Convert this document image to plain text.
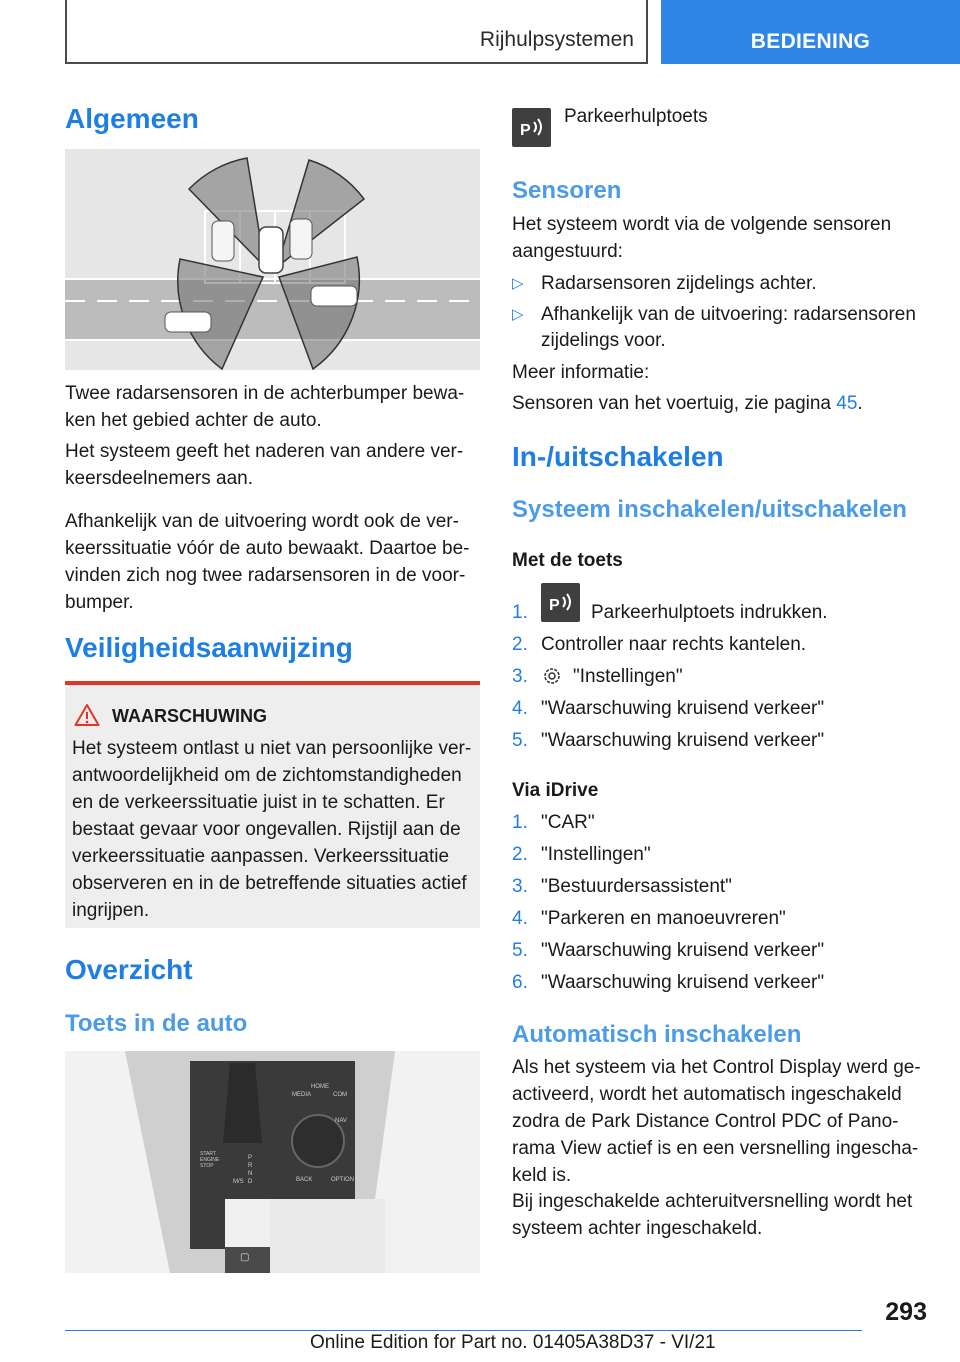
Rijhulpsystemen	BEDIENING
Algemeen
Twee radarsensoren in de achterbumper bewa-ken het gebied achter de auto.
Het systeem geeft het naderen van andere ver-keersdeelnemers aan.
Afhankelijk van de uitvoering wordt ook de ver-keerssituatie vóór de auto bewaakt. Daartoe be-vinden zich nog twee radarsensoren in de voor-bumper.
Veiligheidsaanwijzing
WAARSCHUWING
Het systeem ontlast u niet van persoonlijke ver-antwoordelijkheid om de zichtomstandigheden en de verkeerssituatie juist in te schatten. Er bestaat gevaar voor ongevallen. Rijstijl aan de verkeerssituatie aanpassen. Verkeerssituatie observeren en in de betreffende situaties actief ingrijpen.
Overzicht
Toets in de auto
MEDIA
HOME
COM
NAV
BACK	OPTION
START ENGINE STOP
P
R
N
D
M/S
▢
P
Parkeerhulptoets
Sensoren
Het systeem wordt via de volgende sensoren aangestuurd:
▷ Radarsensoren zijdelings achter.
▷ Afhankelijk van de uitvoering: radarsensoren zijdelings voor.
Meer informatie:
Sensoren van het voertuig, zie pagina 45.
In-/uitschakelen
Systeem inschakelen/uitschakelen
Met de toets
1. P Parkeerhulptoets indrukken.
2. Controller naar rechts kantelen.
3. "Instellingen"
4. "Waarschuwing kruisend verkeer"
5. "Waarschuwing kruisend verkeer"
Via iDrive
1. "CAR"
2. "Instellingen"
3. "Bestuurdersassistent"
4. "Parkeren en manoeuvreren"
5. "Waarschuwing kruisend verkeer"
6. "Waarschuwing kruisend verkeer"
Automatisch inschakelen
Als het systeem via het Control Display werd ge-activeerd, wordt het automatisch ingeschakeld zodra de Park Distance Control PDC of Pano-rama View actief is en een versnelling ingescha-keld is.
Bij ingeschakelde achteruitversnelling wordt het systeem achter ingeschakeld.
293
Online Edition for Part no. 01405A38D37 - VI/21
